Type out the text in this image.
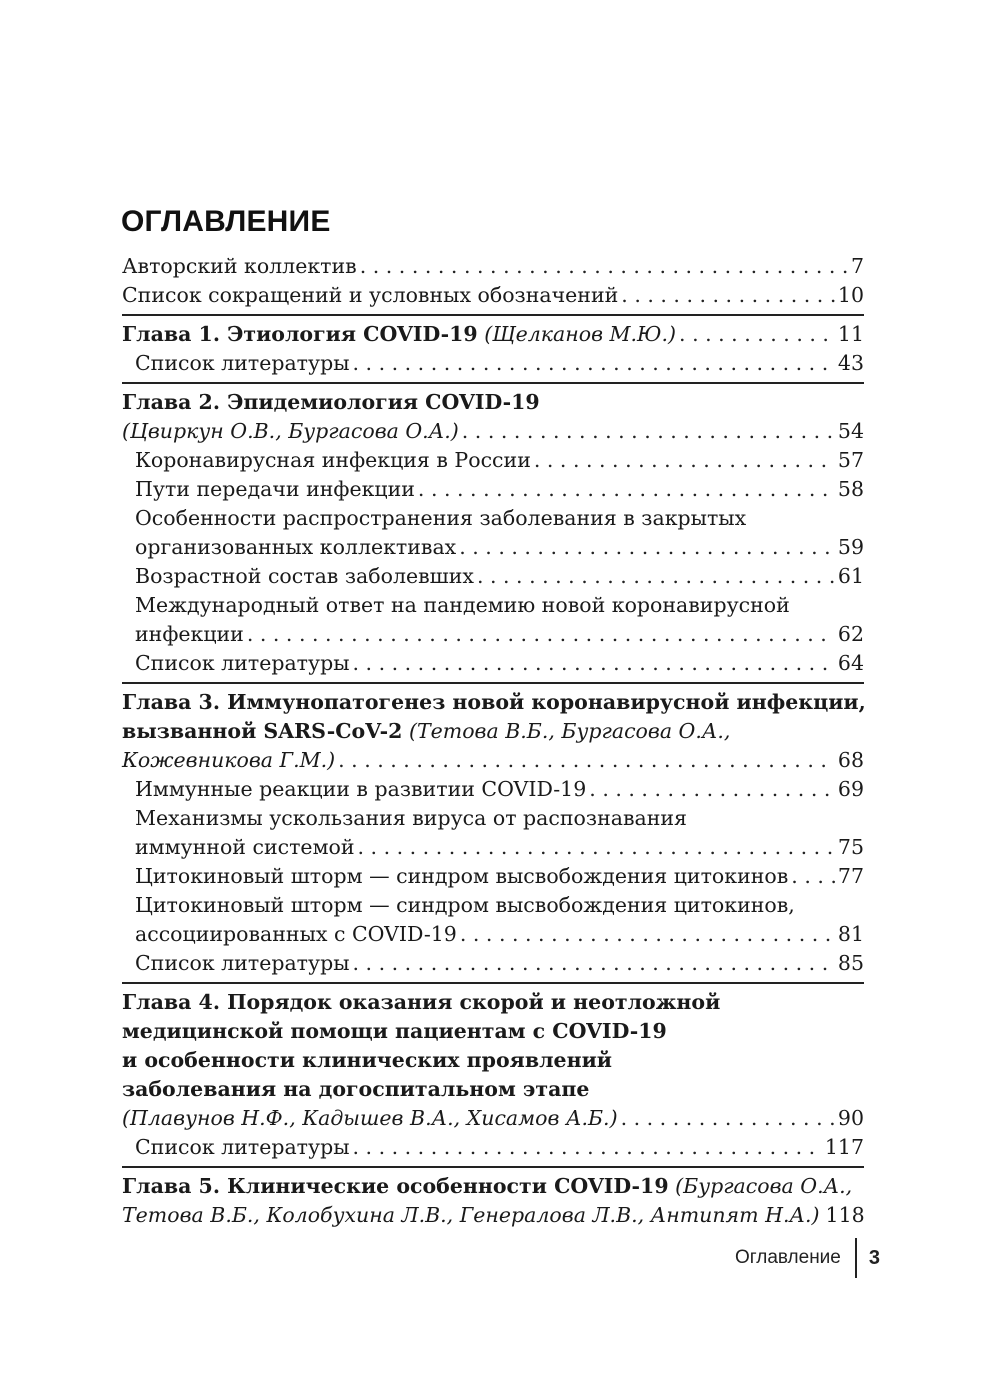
ОГЛАВЛЕНИЕ
Авторский коллектив . . .	7
Список сокращений и условных обозначений . . .	10
Глава 1. Этиология COVID-19 (Щелканов М.Ю.) . . .	11
Список литературы . . .	43
Глава 2. Эпидемиология COVID-19
(Цвиркун О.В., Бургасова О.А.) . . .	54
Коронавирусная инфекция в России . . .	57
Пути передачи инфекции . . .	58
Особенности распространения заболевания в закрытых
организованных коллективах . . .	59
Возрастной состав заболевших . . .	61
Международный ответ на пандемию новой коронавирусной
инфекции . . .	62
Список литературы . . .	64
Глава 3. Иммунопатогенез новой коронавирусной инфекции,
вызванной SARS-CoV-2 (Тетова В.Б., Бургасова О.А.,
Кожевникова Г.М.) . . .	68
Иммунные реакции в развитии COVID-19 . . .	69
Механизмы ускользания вируса от распознавания
иммунной системой . . .	75
Цитокиновый шторм — синдром высвобождения цитокинов . . . 77
Цитокиновый шторм — синдром высвобождения цитокинов,
ассоциированных с COVID-19 . . .	81
Список литературы . . .	85
Глава 4. Порядок оказания скорой и неотложной
медицинской помощи пациентам с COVID-19
и особенности клинических проявлений
заболевания на догоспитальном этапе
(Плавунов Н.Ф., Кадышев В.А., Хисамов А.Б.) . . .	90
Список литературы . . .	117
Глава 5. Клинические особенности COVID-19 (Бургасова О.А.,
Тетова В.Б., Колобухина Л.В., Генералова Л.В., Антипят Н.А.) 118
Оглавление 3
